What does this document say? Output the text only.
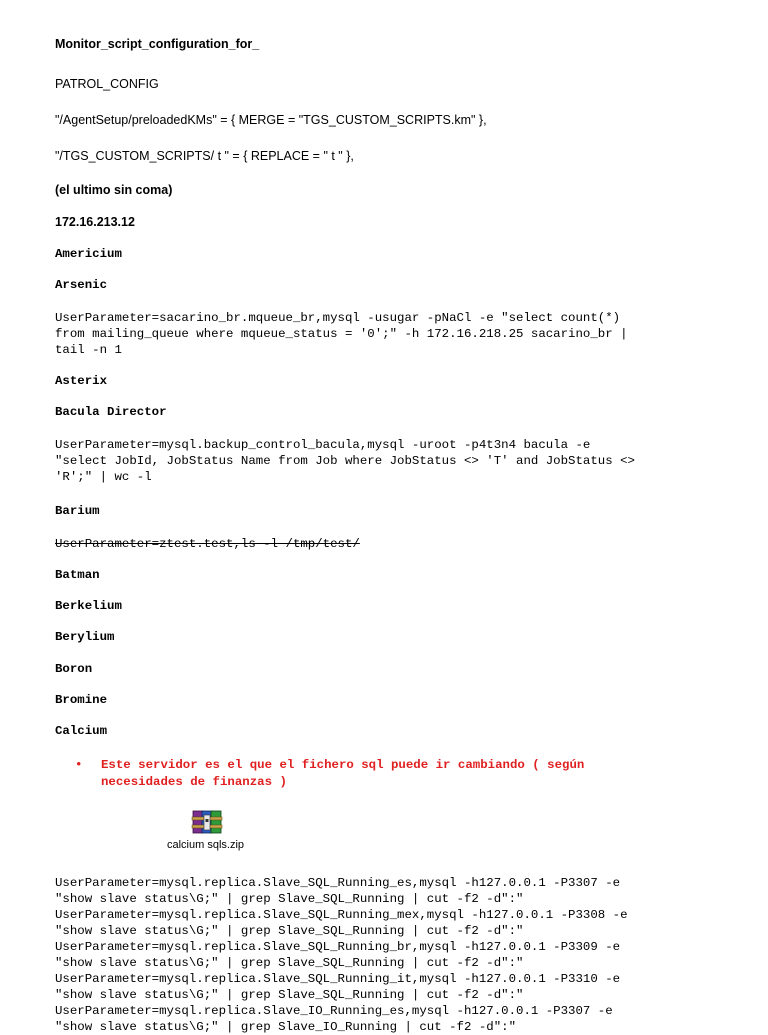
Monitor_script_configuration_for_

PATROL_CONFIG

"/AgentSetup/preloadedKMs" = { MERGE = "TGS_CUSTOM_SCRIPTS.km" },

"/TGS_CUSTOM_SCRIPTS/ t " = { REPLACE = " t " },

(el ultimo sin coma)

172.16.213.12

Americium

Arsenic

UserParameter=sacarino_br.mqueue_br,mysql -usugar -pNaCl -e "select count(*)
from mailing_queue where mqueue_status = '0';" -h 172.16.218.25 sacarino_br |
tail -n 1

Asterix

Bacula Director

UserParameter=mysql.backup_control_bacula,mysql -uroot -p4t3n4 bacula -e
"select JobId, JobStatus Name from Job where JobStatus <> 'T' and JobStatus <>
'R';" | wc -l

Barium

UserParameter=ztest.test,ls -l /tmp/test/

Batman

Berkelium

Berylium

Boron

Bromine

Calcium

• Este servidor es el que el fichero sql puede ir cambiando ( según
necesidades de finanzas )
calcium sqls.zip

UserParameter=mysql.replica.Slave_SQL_Running_es,mysql -h127.0.0.1 -P3307 -e
"show slave status\G;" | grep Slave_SQL_Running | cut -f2 -d":"
UserParameter=mysql.replica.Slave_SQL_Running_mex,mysql -h127.0.0.1 -P3308 -e
"show slave status\G;" | grep Slave_SQL_Running | cut -f2 -d":"
UserParameter=mysql.replica.Slave_SQL_Running_br,mysql -h127.0.0.1 -P3309 -e
"show slave status\G;" | grep Slave_SQL_Running | cut -f2 -d":"
UserParameter=mysql.replica.Slave_SQL_Running_it,mysql -h127.0.0.1 -P3310 -e
"show slave status\G;" | grep Slave_SQL_Running | cut -f2 -d":"
UserParameter=mysql.replica.Slave_IO_Running_es,mysql -h127.0.0.1 -P3307 -e
"show slave status\G;" | grep Slave_IO_Running | cut -f2 -d":"
